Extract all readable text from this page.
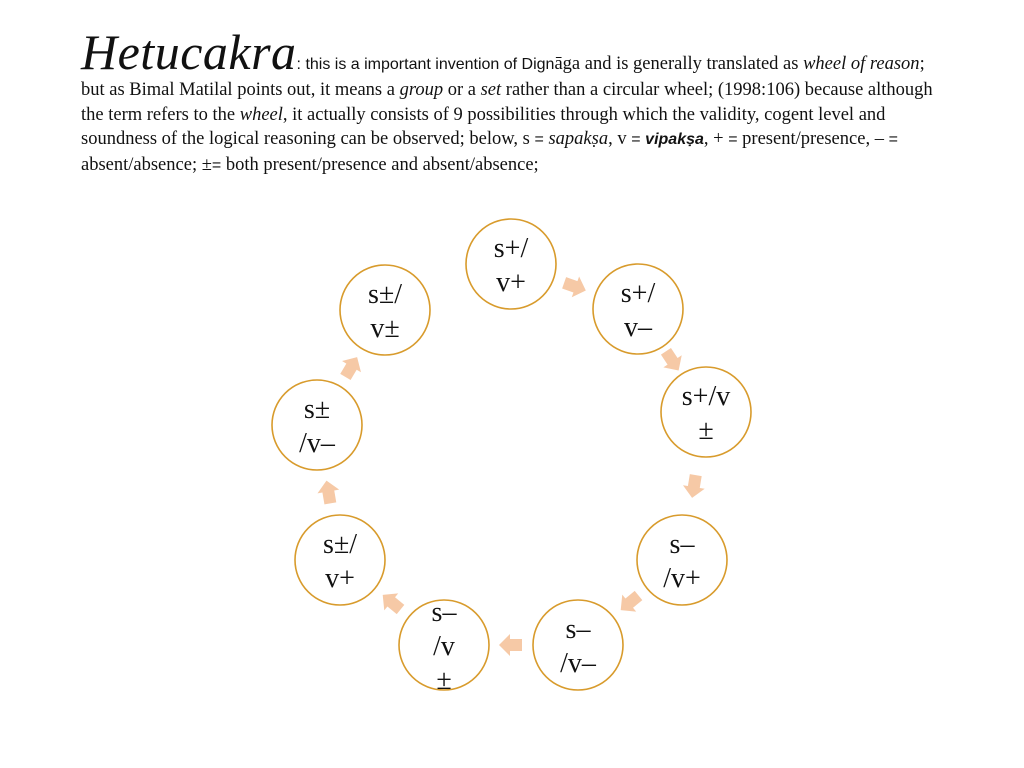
Hetucakra: this is a important invention of Dignāga and is generally translated as wheel of reason; but as Bimal Matilal points out, it means a group or a set rather than a circular wheel; (1998:106) because although the term refers to the wheel, it actually consists of 9 possibilities through which the validity, cogent level and soundness of the logical reasoning can be observed; below, s = sapakṣa, v = vipakṣa, + = present/presence, – = absent/absence; ±= both present/presence and absent/absence;
s+/
v+	s+/
v–
s+/v
±
s–
/v+
s–
/v–
s–
/v
±
s±/
v+
s±
/v–
s±/
v±
